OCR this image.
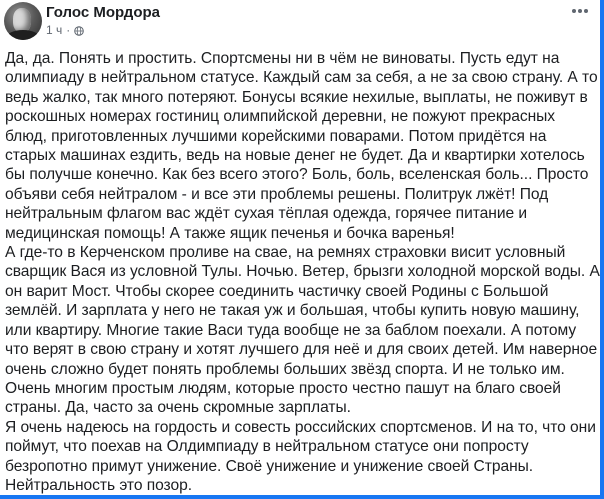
Голос Мордора
1 ч ·

Да, да. Понять и простить. Спортсмены ни в чём не виноваты. Пусть едут на олимпиаду в нейтральном статусе. Каждый сам за себя, а не за свою страну. А то ведь жалко, так много потеряют. Бонусы всякие нехилые, выплаты, не поживут в роскошных номерах гостиниц олимпийской деревни, не пожуют прекрасных блюд, приготовленных лучшими корейскими поварами. Потом придётся на старых машинах ездить, ведь на новые денег не будет. Да и квартирки хотелось бы получше конечно. Как без всего этого? Боль, боль, вселенская боль... Просто объяви себя нейтралом - и все эти проблемы решены. Политрук лжёт! Под нейтральным флагом вас ждёт сухая тёплая одежда, горячее питание и медицинская помощь! А также ящик печенья и бочка варенья!

А где-то в Керченском проливе на свае, на ремнях страховки висит условный сварщик Вася из условной Тулы. Ночью. Ветер, брызги холодной морской воды. А он варит Мост. Чтобы скорее соединить частичку своей Родины с Большой землёй. И зарплата у него не такая уж и большая, чтобы купить новую машину, или квартиру. Многие такие Васи туда вообще не за баблом поехали. А потому что верят в свою страну и хотят лучшего для неё и для своих детей. Им наверное очень сложно будет понять проблемы больших звёзд спорта. И не только им. Очень многим простым людям, которые просто честно пашут на благо своей страны. Да, часто за очень скромные зарплаты.

Я очень надеюсь на гордость и совесть российских спортсменов. И на то, что они поймут, что поехав на Олдимпиаду в нейтральном статусе они попросту безропотно примут унижение. Своё унижение и унижение своей Страны. Нейтральность это позор.
